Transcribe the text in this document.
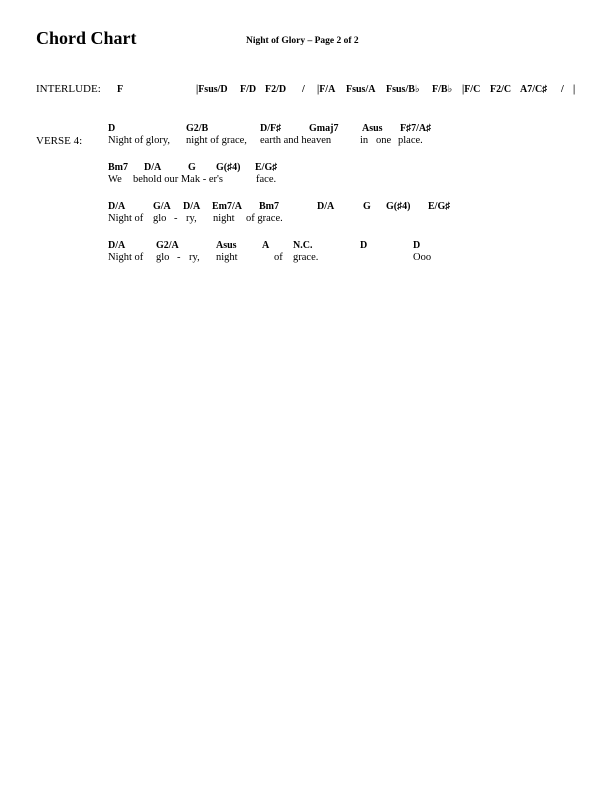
Chord Chart	Night of Glory – Page 2 of 2
INTERLUDE: F	|Fsus/D F/D F2/D / |F/A Fsus/A Fsus/B♭ F/B♭ |F/C F2/C A7/C♯ / |
VERSE 4:
D	G2/B	D/F♯	Gmaj7 Asus F♯7/A♯
Night of glory, night of grace, earth and heaven	in one place.
Bm7 D/A	G G(♯4) E/G♯
We behold our Mak - er's	face.
D/A	G/A D/A Em7/A Bm7	D/A	G G(♯4) E/G♯
Night of glo - ry, night of grace.
D/A	G2/A	Asus	A N.C.	D	D
Night of glo - ry, night	of grace.	Ooo
